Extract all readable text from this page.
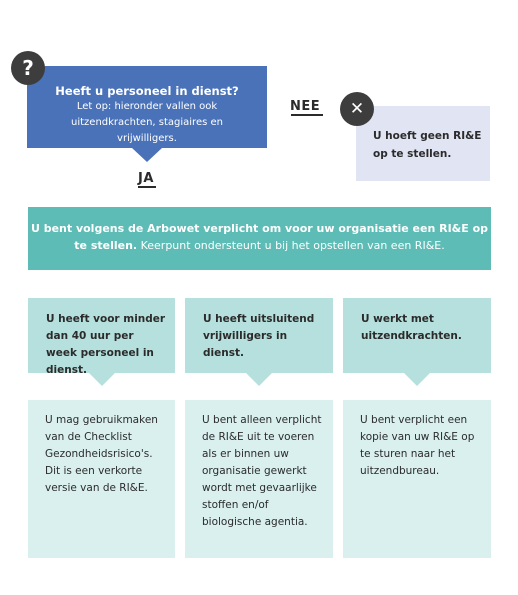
?
Heeft u personeel in dienst?
Let op: hieronder vallen ook uitzendkrachten, stagiaires en vrijwilligers.
JA
NEE	✕
U hoeft geen RI&E op te stellen.
U bent volgens de Arbowet verplicht om voor uw organisatie een RI&E op te stellen. Keerpunt ondersteunt u bij het opstellen van een RI&E.
U heeft voor minder dan 40 uur per week personeel in dienst.
U mag gebruikmaken van de Checklist Gezondheidsrisico's. Dit is een verkorte versie van de RI&E.
U heeft uitsluitend vrijwilligers in dienst.
U bent alleen verplicht de RI&E uit te voeren als er binnen uw organisatie gewerkt wordt met gevaarlijke stoffen en/of biologische agentia.
U werkt met uitzendkrachten.
U bent verplicht een kopie van uw RI&E op te sturen naar het uitzendbureau.
